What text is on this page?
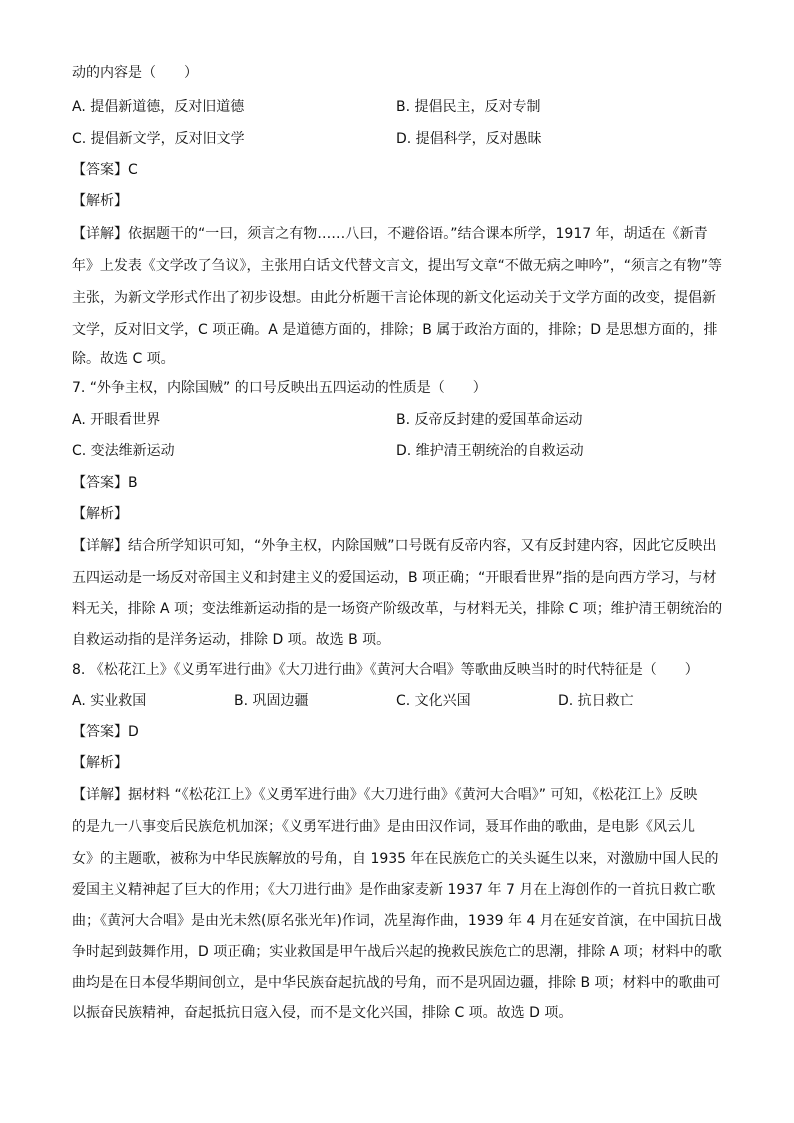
动的内容是（　　）
A. 提倡新道德，反对旧道德	B. 提倡民主，反对专制
C. 提倡新文学，反对旧文学	D. 提倡科学，反对愚昧
【答案】C
【解析】
【详解】依据题干的“一曰，须言之有物……八曰，不避俗语。”结合课本所学，1917 年，胡适在《新青
年》上发表《文学改了刍议》，主张用白话文代替文言文，提出写文章“不做无病之呻吟”，“须言之有物”等
主张，为新文学形式作出了初步设想。由此分析题干言论体现的新文化运动关于文学方面的改变，提倡新
文学，反对旧文学，C 项正确。A 是道德方面的，排除；B 属于政治方面的，排除；D 是思想方面的，排
除。故选 C 项。
7. “外争主权，内除国贼” 的口号反映出五四运动的性质是（　　）
A. 开眼看世界	B. 反帝反封建的爱国革命运动
C. 变法维新运动	D. 维护清王朝统治的自救运动
【答案】B
【解析】
【详解】结合所学知识可知，“外争主权，内除国贼”口号既有反帝内容，又有反封建内容，因此它反映出
五四运动是一场反对帝国主义和封建主义的爱国运动，B 项正确；“开眼看世界”指的是向西方学习，与材
料无关，排除 A 项；变法维新运动指的是一场资产阶级改革，与材料无关，排除 C 项；维护清王朝统治的
自救运动指的是洋务运动，排除 D 项。故选 B 项。
8. 《松花江上》《义勇军进行曲》《大刀进行曲》《黄河大合唱》等歌曲反映当时的时代特征是（　　）
A. 实业救国	B. 巩固边疆	C. 文化兴国	D. 抗日救亡
【答案】D
【解析】
【详解】据材料 “《松花江上》《义勇军进行曲》《大刀进行曲》《黄河大合唱》” 可知，《松花江上》反映
的是九一八事变后民族危机加深；《义勇军进行曲》是由田汉作词，聂耳作曲的歌曲，是电影《风云儿
女》的主题歌，被称为中华民族解放的号角，自 1935 年在民族危亡的关头诞生以来，对激励中国人民的
爱国主义精神起了巨大的作用；《大刀进行曲》是作曲家麦新 1937 年 7 月在上海创作的一首抗日救亡歌
曲；《黄河大合唱》是由光未然(原名张光年)作词，冼星海作曲，1939 年 4 月在延安首演，在中国抗日战
争时起到鼓舞作用，D 项正确；实业救国是甲午战后兴起的挽救民族危亡的思潮，排除 A 项；材料中的歌
曲均是在日本侵华期间创立，是中华民族奋起抗战的号角，而不是巩固边疆，排除 B 项；材料中的歌曲可
以振奋民族精神，奋起抵抗日寇入侵，而不是文化兴国，排除 C 项。故选 D 项。
